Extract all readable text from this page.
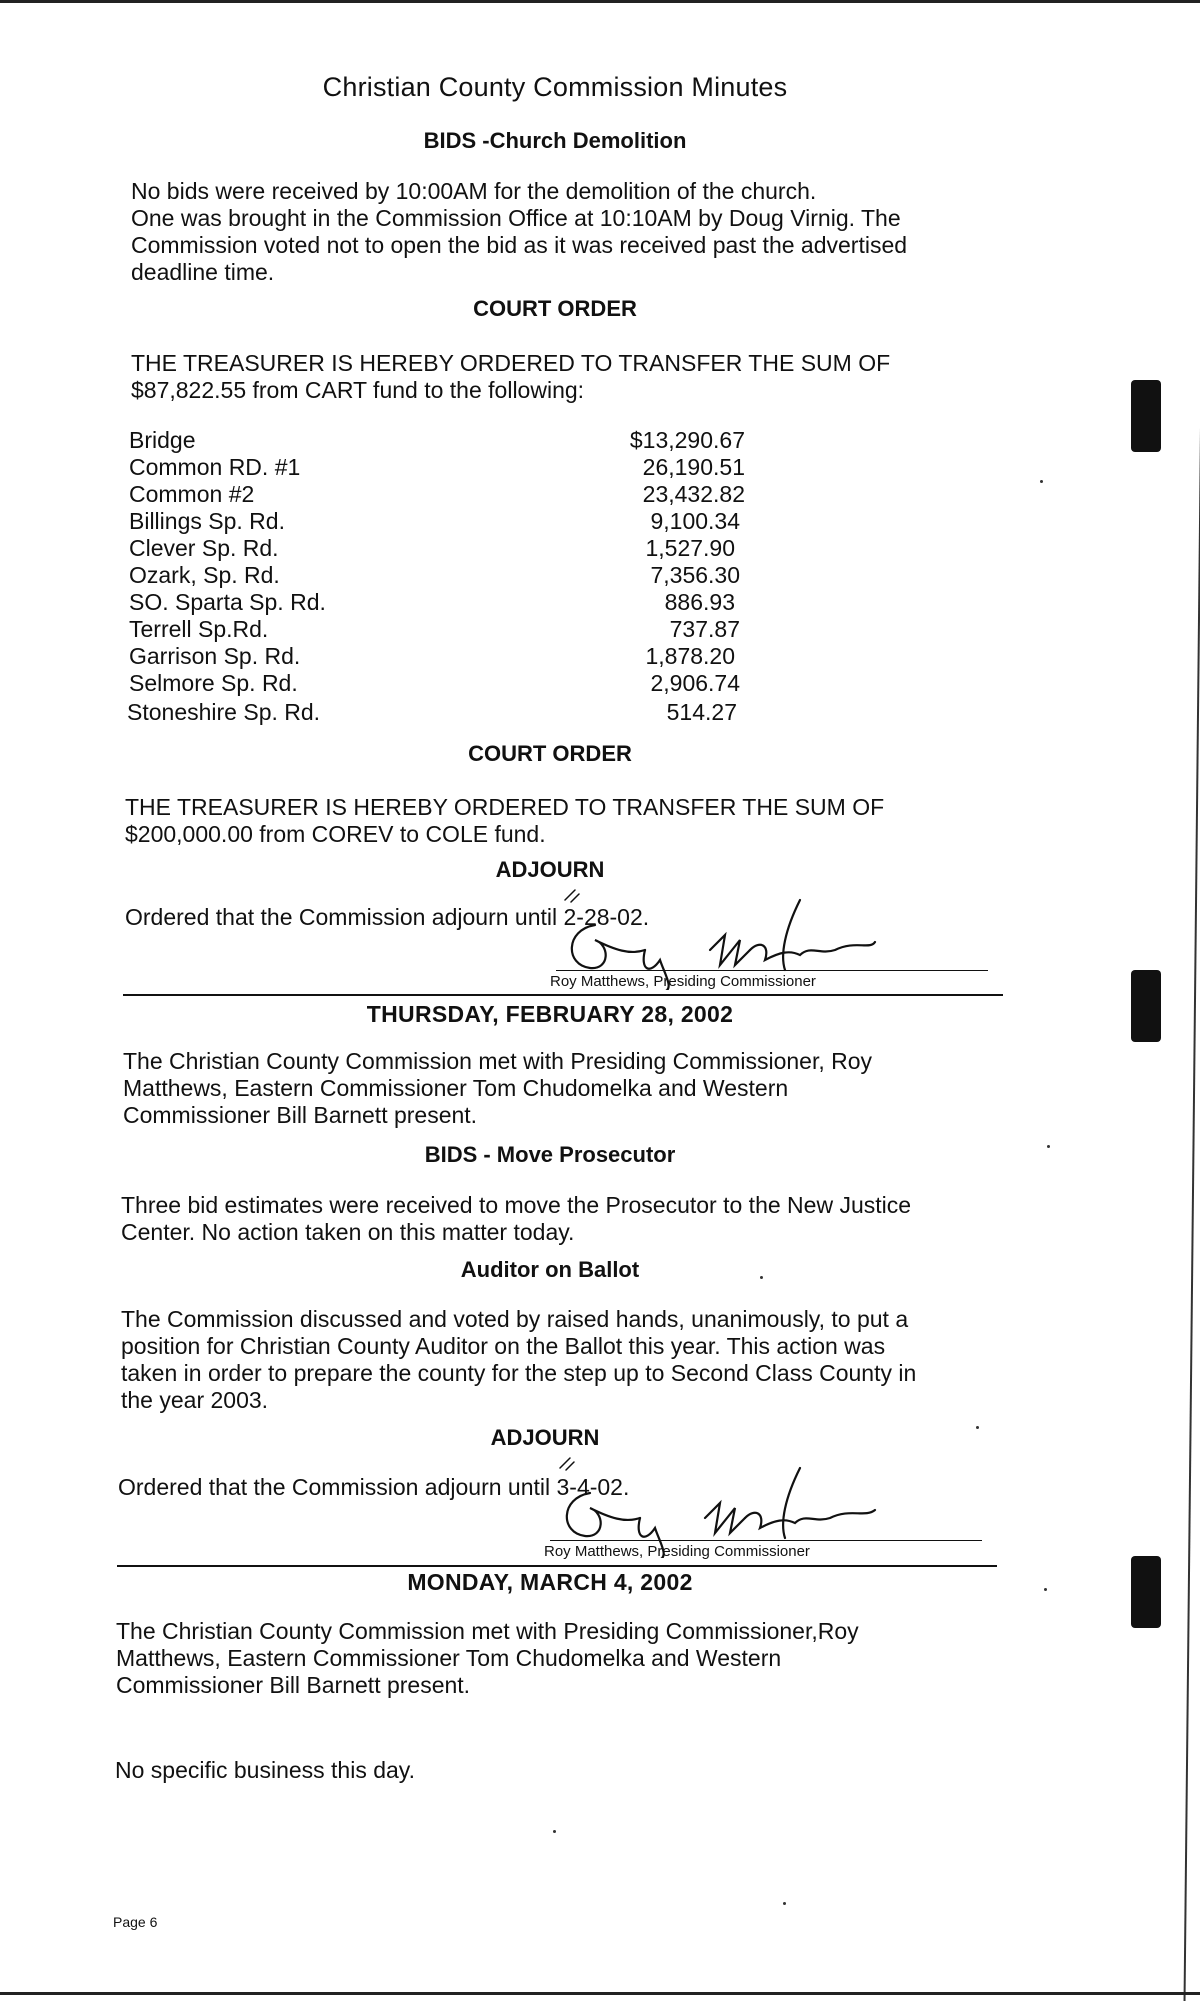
Christian County Commission Minutes
BIDS -Church Demolition
No bids were received by 10:00AM for the demolition of the church.
One was brought in the Commission Office at 10:10AM by Doug Virnig. The
Commission voted not to open the bid as it was received past the advertised
deadline time.
COURT ORDER
THE TREASURER IS HEREBY ORDERED TO TRANSFER THE SUM OF
$87,822.55 from CART fund to the following:
Bridge	$13,290.67
Common RD. #1	26,190.51
Common #2	23,432.82
Billings Sp. Rd.	9,100.34
Clever Sp. Rd.	1,527.90
Ozark, Sp. Rd.	7,356.30
SO. Sparta Sp. Rd.	886.93
Terrell Sp.Rd.	737.87
Garrison Sp. Rd.	1,878.20
Selmore Sp. Rd.	2,906.74
Stoneshire Sp. Rd.	514.27
COURT ORDER
THE TREASURER IS HEREBY ORDERED TO TRANSFER THE SUM OF
$200,000.00 from COREV to COLE fund.
ADJOURN
Ordered that the Commission adjourn until 2-28-02.
Roy Matthews, Presiding Commissioner
THURSDAY, FEBRUARY 28, 2002
The Christian County Commission met with Presiding Commissioner, Roy
Matthews, Eastern Commissioner Tom Chudomelka and Western
Commissioner Bill Barnett present.
BIDS - Move Prosecutor
Three bid estimates were received to move the Prosecutor to the New Justice
Center. No action taken on this matter today.
Auditor on Ballot
The Commission discussed and voted by raised hands, unanimously, to put a
position for Christian County Auditor on the Ballot this year. This action was
taken in order to prepare the county for the step up to Second Class County in
the year 2003.
ADJOURN
Ordered that the Commission adjourn until 3-4-02.
Roy Matthews, Presiding Commissioner
MONDAY, MARCH 4, 2002
The Christian County Commission met with Presiding Commissioner,Roy
Matthews, Eastern Commissioner Tom Chudomelka and Western
Commissioner Bill Barnett present.
No specific business this day.
Page 6
